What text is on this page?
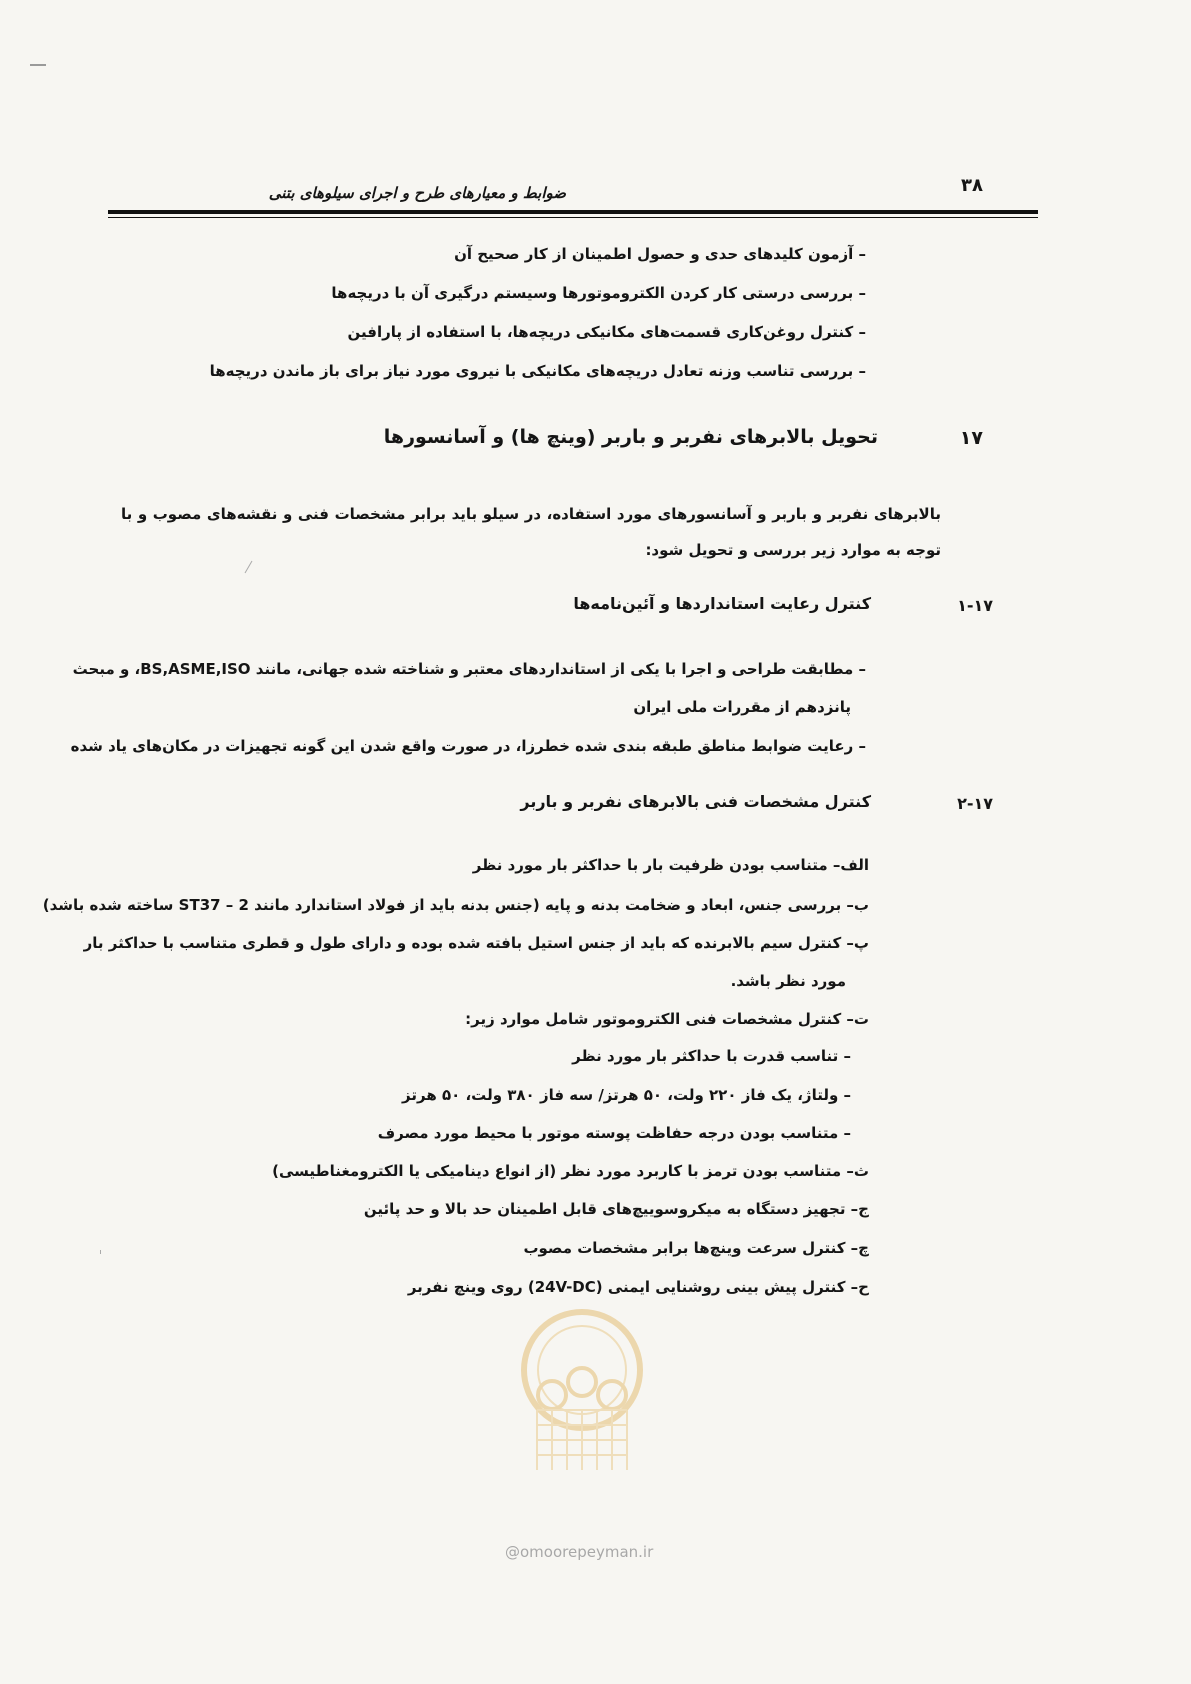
ضوابط و معیارهای طرح و اجرای سیلوهای بتنی	۳۸
– آزمون کلیدهای حدی و حصول اطمینان از کار صحیح آن
– بررسی درستی کار کردن الکتروموتورها وسیستم درگیری آن با دریچه‌ها
– کنترل روغن‌کاری قسمت‌های مکانیکی دریچه‌ها، با استفاده از پارافین
– بررسی تناسب وزنه تعادل دریچه‌های مکانیکی با نیروی مورد نیاز برای باز ماندن دریچه‌ها
۱۷
تحویل بالابرهای نفربر و باربر (وینچ ها) و آسانسورها
بالابرهای نفربر و باربر و آسانسورهای مورد استفاده، در سیلو باید برابر مشخصات فنی و نقشه‌های مصوب و با توجه به موارد زیر بررسی و تحویل شود:
۱-۱۷
کنترل رعایت استانداردها و آئین‌نامه‌ها
– مطابقت طراحی و اجرا با یکی از استانداردهای معتبر و شناخته شده جهانی، مانند BS,ASME,ISO، و مبحث
پانزدهم از مقررات ملی ایران
– رعایت ضوابط مناطق طبقه بندی شده خطرزا، در صورت واقع شدن این گونه تجهیزات در مکان‌های یاد شده
۲-۱۷
کنترل مشخصات فنی بالابرهای نفربر و باربر
الف– متناسب بودن ظرفیت بار با حداکثر بار مورد نظر
ب– بررسی جنس، ابعاد و ضخامت بدنه و پایه (جنس بدنه باید از فولاد استاندارد مانند ST37 – 2 ساخته شده باشد)
پ– کنترل سیم بالابرنده که باید از جنس استیل بافته شده بوده و دارای طول و قطری متناسب با حداکثر بار
مورد نظر باشد.
ت– کنترل مشخصات فنی الکتروموتور شامل موارد زیر:
– تناسب قدرت با حداکثر بار مورد نظر
– ولتاژ، یک فاز ۲۲۰ ولت، ۵۰ هرتز/ سه فاز ۳۸۰ ولت، ۵۰ هرتز
– متناسب بودن درجه حفاظت پوسته موتور با محیط مورد مصرف
ث– متناسب بودن ترمز با کاربرد مورد نظر (از انواع دینامیکی یا الکترومغناطیسی)
ج– تجهیز دستگاه به میکروسوییچ‌های قابل اطمینان حد بالا و حد پائین
چ– کنترل سرعت وینچ‌ها برابر مشخصات مصوب
ح– کنترل پیش بینی روشنایی ایمنی (24V-DC) روی وینچ نفربر
@omoorepeyman.ir
